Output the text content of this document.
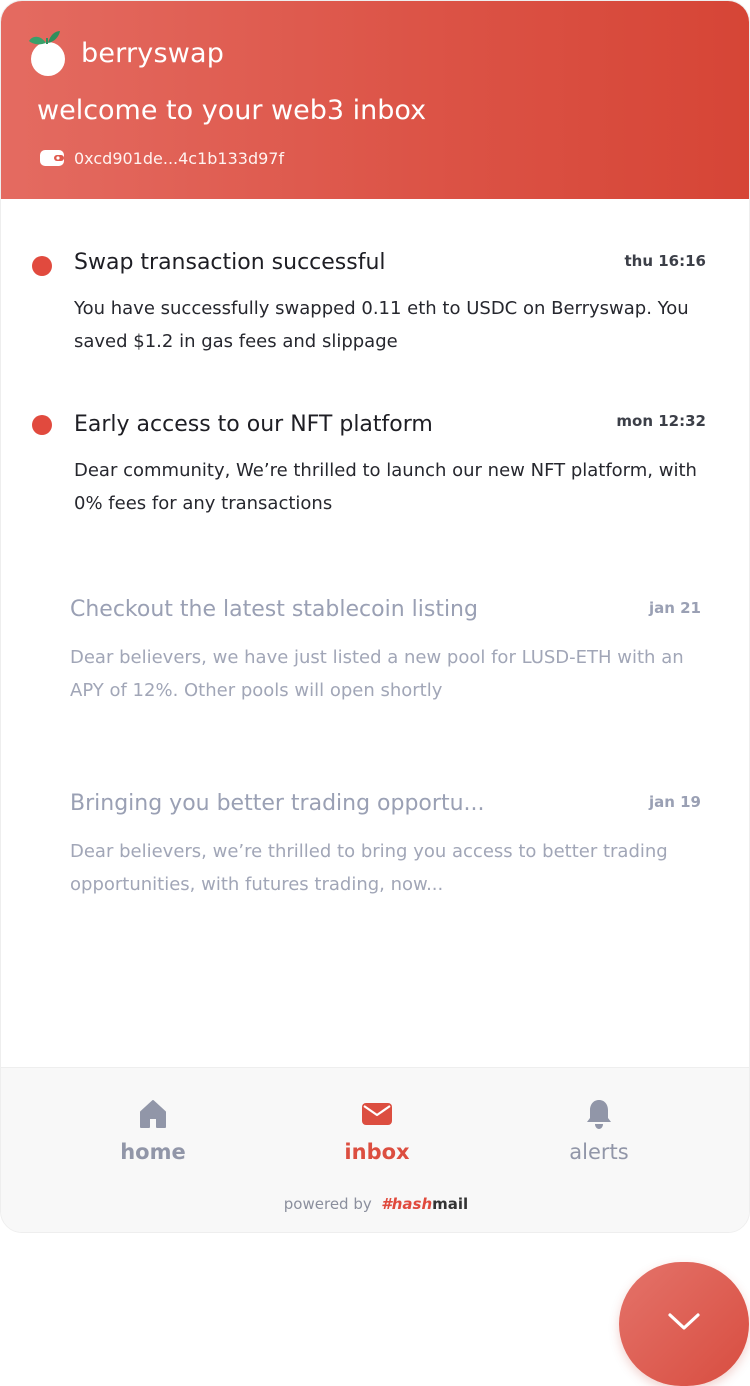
berryswap
welcome to your web3 inbox
0xcd901de...4c1b133d97f
Swap transaction successful	thu 16:16
You have successfully swapped 0.11 eth to USDC on Berryswap. You saved $1.2 in gas fees and slippage
Early access to our NFT platform	mon 12:32
Dear community, We’re thrilled to launch our new NFT platform, with 0% fees for any transactions
Checkout the latest stablecoin listing	jan 21
Dear believers, we have just listed a new pool for LUSD-ETH with an APY of 12%. Other pools will open shortly
Bringing you better trading opportu...	jan 19
Dear believers, we’re thrilled to bring you access to better trading opportunities, with futures trading, now...
home	inbox	alerts
powered by #hashmail
